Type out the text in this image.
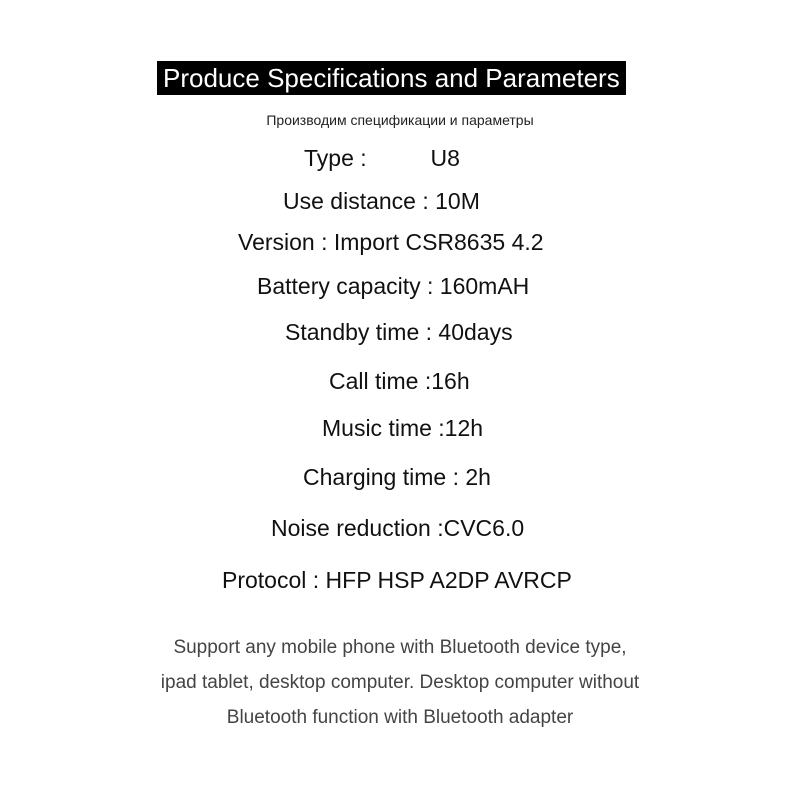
Produce Specifications and Parameters
Производим спецификации и параметры
Type :          U8
Use distance : 10M
Version : Import CSR8635 4.2
Battery capacity : 160mAH
Standby time : 40days
Call time :16h
Music time :12h
Charging time : 2h
Noise reduction :CVC6.0
Protocol : HFP HSP A2DP AVRCP
Support any mobile phone with Bluetooth device type,
ipad tablet, desktop computer. Desktop computer without
Bluetooth function with Bluetooth adapter
